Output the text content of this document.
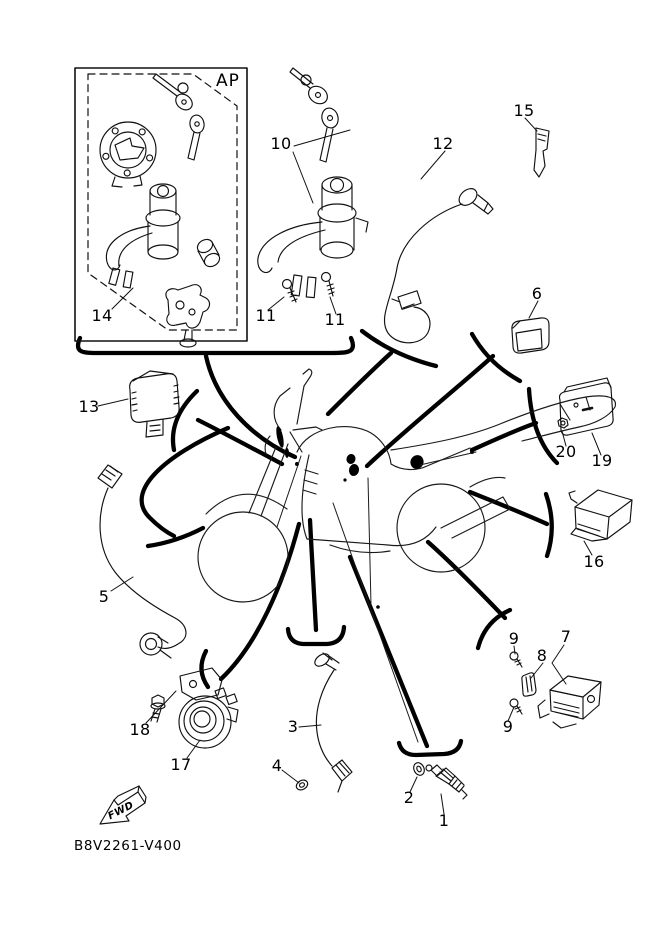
AP
FWD
B8V2261-V400
1
2
3
4
5
6
7
8
9
9
10
11	11
12
13
14
15
16
17
18
19
20
